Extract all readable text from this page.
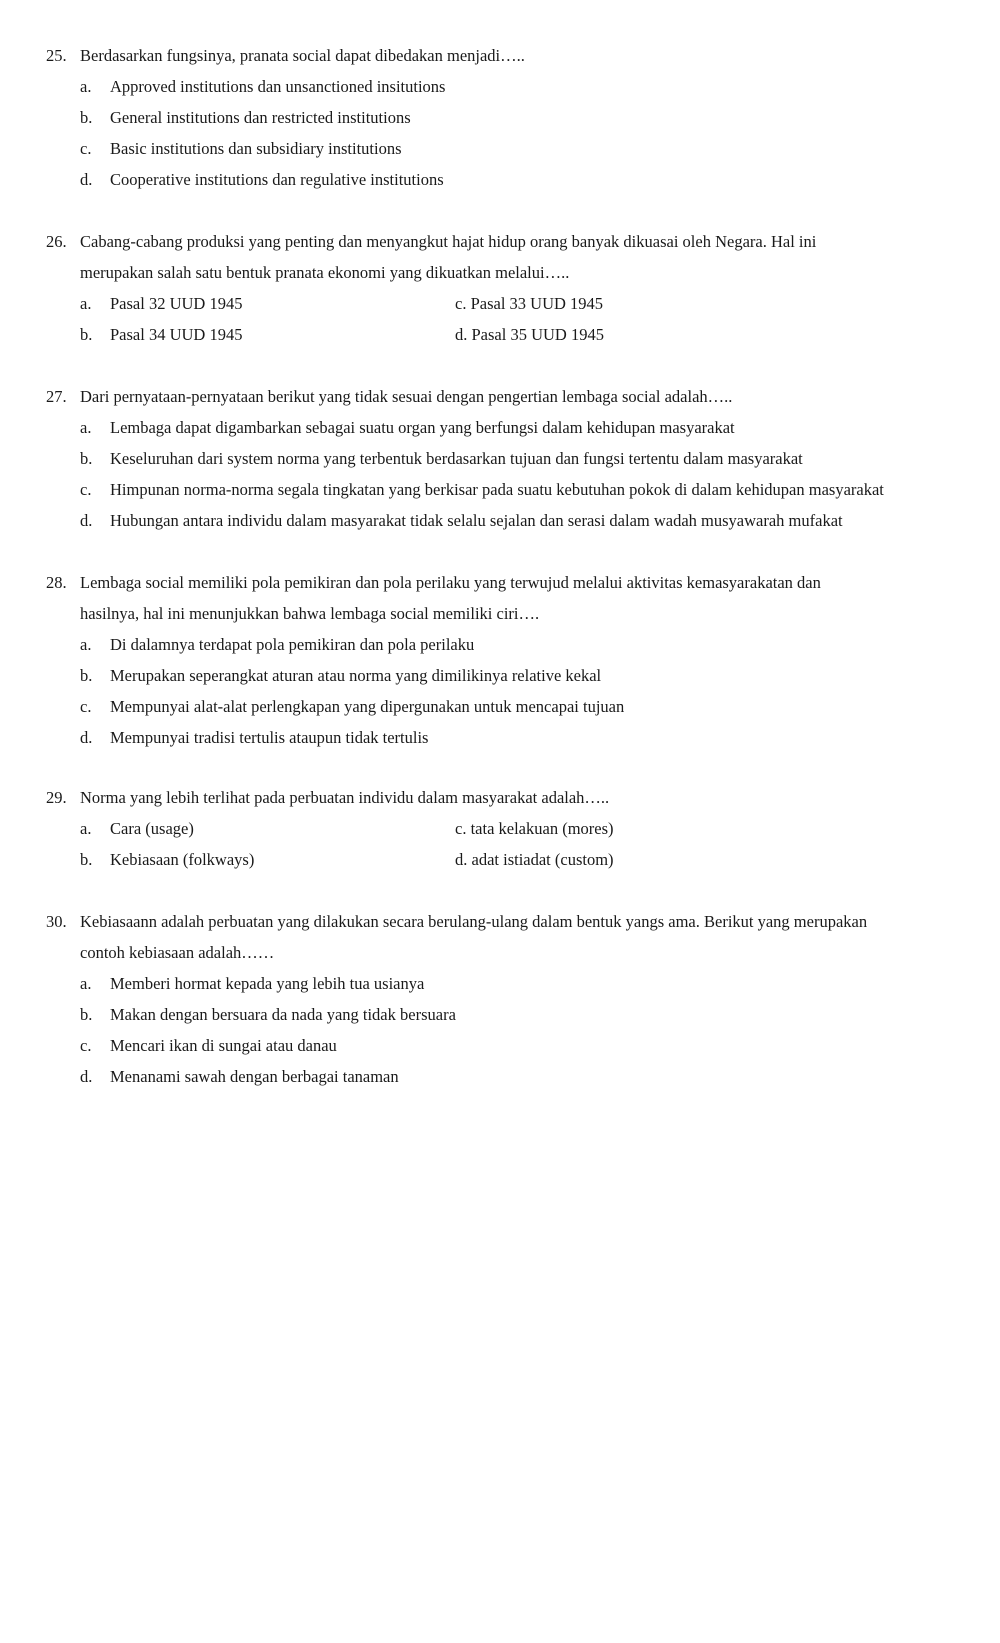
25. Berdasarkan fungsinya, pranata social dapat dibedakan menjadi…..
a. Approved institutions dan unsanctioned insitutions
b. General institutions dan restricted institutions
c. Basic institutions dan subsidiary institutions
d. Cooperative institutions dan regulative institutions
26. Cabang-cabang produksi yang penting dan menyangkut hajat hidup orang banyak dikuasai oleh Negara. Hal ini
merupakan salah satu bentuk pranata ekonomi yang dikuatkan melalui…..
a. Pasal 32 UUD 1945	c. Pasal 33 UUD 1945
b. Pasal 34 UUD 1945	d. Pasal 35 UUD 1945
27. Dari pernyataan-pernyataan berikut yang tidak sesuai dengan pengertian lembaga social adalah…..
a. Lembaga dapat digambarkan sebagai suatu organ yang berfungsi dalam kehidupan masyarakat
b. Keseluruhan dari system norma yang terbentuk berdasarkan tujuan dan fungsi tertentu dalam masyarakat
c. Himpunan norma-norma segala tingkatan yang berkisar pada suatu kebutuhan pokok di dalam kehidupan masyarakat
d. Hubungan antara individu dalam masyarakat tidak selalu sejalan dan serasi dalam wadah musyawarah mufakat
28. Lembaga social memiliki pola pemikiran dan pola perilaku yang terwujud melalui aktivitas kemasyarakatan dan
hasilnya, hal ini menunjukkan bahwa lembaga social memiliki ciri….
a. Di dalamnya terdapat pola pemikiran dan pola perilaku
b. Merupakan seperangkat aturan atau norma yang dimilikinya relative kekal
c. Mempunyai alat-alat perlengkapan yang dipergunakan untuk mencapai tujuan
d. Mempunyai tradisi tertulis ataupun tidak tertulis
29. Norma yang lebih terlihat pada perbuatan individu dalam masyarakat adalah…..
a. Cara (usage)	c. tata kelakuan (mores)
b. Kebiasaan (folkways)	d. adat istiadat (custom)
30. Kebiasaann adalah perbuatan yang dilakukan secara berulang-ulang dalam bentuk yangs ama. Berikut yang merupakan
contoh kebiasaan adalah……
a. Memberi hormat kepada yang lebih tua usianya
b. Makan dengan bersuara da nada yang tidak bersuara
c. Mencari ikan di sungai atau danau
d. Menanami sawah dengan berbagai tanaman
